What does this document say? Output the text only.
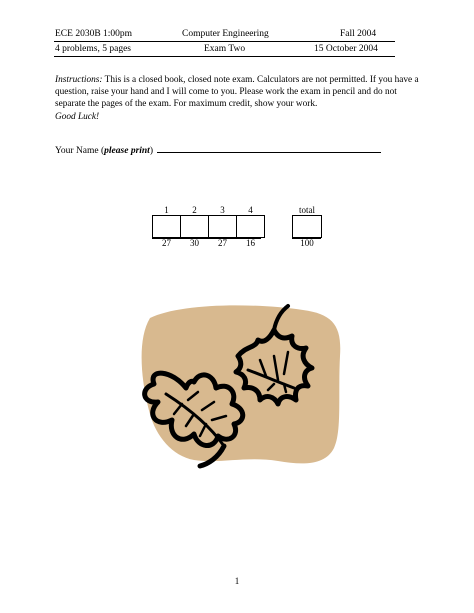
ECE 2030B 1:00pm	Computer Engineering	Fall 2004
4 problems, 5 pages	Exam Two	15 October 2004

Instructions: This is a closed book, closed note exam. Calculators are not permitted. If you have a question, raise your hand and I will come to you. Please work the exam in pencil and do not separate the pages of the exam. For maximum credit, show your work.

Good Luck!

Your Name (please print)
1	2	3	4

27	30	27	16
total

100
1
